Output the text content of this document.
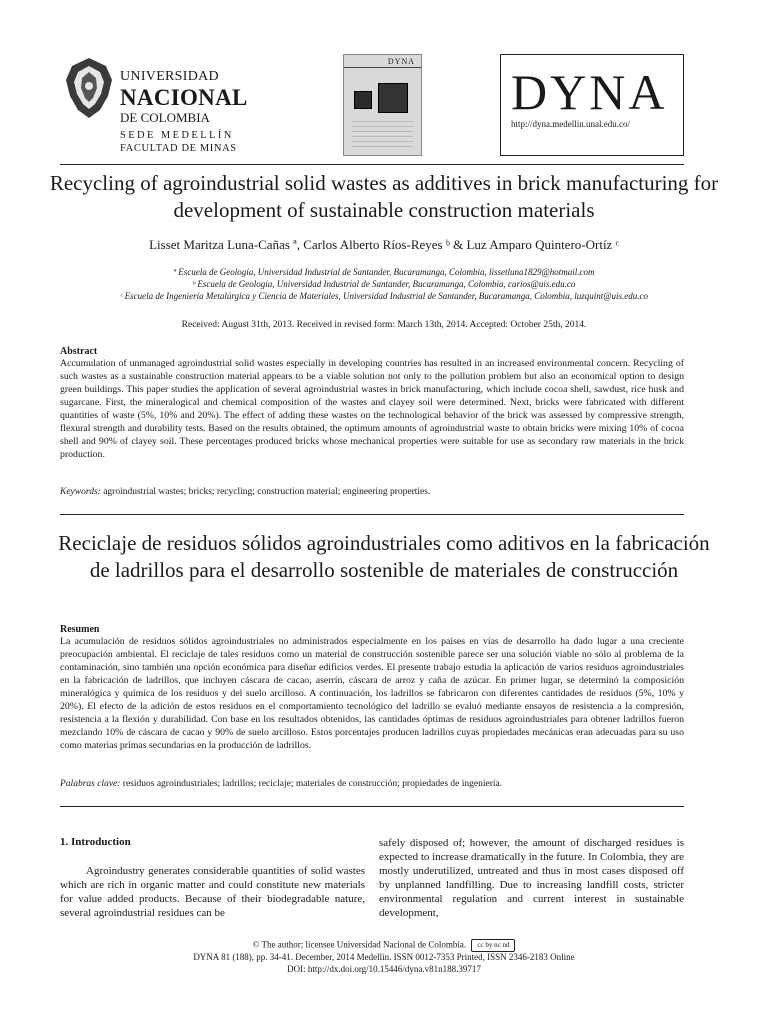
UNIVERSIDAD
NACIONAL
DE COLOMBIA
SEDE MEDELLÍN
FACULTAD DE MINAS
DYNA
DYNA
http://dyna.medellin.unal.edu.co/
Recycling of agroindustrial solid wastes as additives in brick manufacturing for development of sustainable construction materials
Lisset Maritza Luna-Cañas ª, Carlos Alberto Ríos-Reyes ᵇ & Luz Amparo Quintero-Ortíz ᶜ
ª Escuela de Geología, Universidad Industrial de Santander, Bucaramanga, Colombia, lissetluna1829@hotmail.com
ᵇ Escuela de Geología, Universidad Industrial de Santander, Bucaramanga, Colombia, carios@uis.edu.co
ᶜ Escuela de Ingeniería Metalúrgica y Ciencia de Materiales, Universidad Industrial de Santander, Bucaramanga, Colombia, luzquint@uis.edu.co
Received: August 31th, 2013. Received in revised form: March 13th, 2014. Accepted: October 25th, 2014.
Abstract
Accumulation of unmanaged agroindustrial solid wastes especially in developing countries has resulted in an increased environmental concern. Recycling of such wastes as a sustainable construction material appears to be a viable solution not only to the pollution problem but also an economical option to design green buildings. This paper studies the application of several agroindustrial wastes in brick manufacturing, which include cocoa shell, sawdust, rice husk and sugarcane. First, the mineralogical and chemical composition of the wastes and clayey soil were determined. Next, bricks were fabricated with different quantities of waste (5%, 10% and 20%). The effect of adding these wastes on the technological behavior of the brick was assessed by compressive strength, flexural strength and durability tests. Based on the results obtained, the optimum amounts of agroindustrial waste to obtain bricks were mixing 10% of cocoa shell and 90% of clayey soil. These percentages produced bricks whose mechanical properties were suitable for use as secondary raw materials in the brick production.
Keywords: agroindustrial wastes; bricks; recycling; construction material; engineering properties.
Reciclaje de residuos sólidos agroindustriales como aditivos en la fabricación de ladrillos para el desarrollo sostenible de materiales de construcción
Resumen
La acumulación de residuos sólidos agroindustriales no administrados especialmente en los países en vías de desarrollo ha dado lugar a una creciente preocupación ambiental. El reciclaje de tales residuos como un material de construcción sostenible parece ser una solución viable no sólo al problema de la contaminación, sino también una opción económica para diseñar edificios verdes. El presente trabajo estudia la aplicación de varios residuos agroindustriales en la fabricación de ladrillos, que incluyen cáscara de cacao, aserrín, cáscara de arroz y caña de azúcar. En primer lugar, se determinó la composición mineralógica y química de los residuos y del suelo arcilloso. A continuación, los ladrillos se fabricaron con diferentes cantidades de residuos (5%, 10% y 20%). El efecto de la adición de estos residuos en el comportamiento tecnológico del ladrillo se evaluó mediante ensayos de resistencia a la compresión, resistencia a la flexión y durabilidad. Con base en los resultados obtenidos, las cantidades óptimas de residuos agroindustriales para obtener ladrillos fueron mezclando 10% de cáscara de cacao y 90% de suelo arcilloso. Estos porcentajes producen ladrillos cuyas propiedades mecánicas eran adecuadas para su uso como materias primas secundarias en la producción de ladrillos.
Palabras clave: residuos agroindustriales; ladrillos; reciclaje; materiales de construcción; propiedades de ingeniería.
1. Introduction
Agroindustry generates considerable quantities of solid wastes which are rich in organic matter and could constitute new materials for value added products. Because of their biodegradable nature, several agroindustrial residues can be
safely disposed of; however, the amount of discharged residues is expected to increase dramatically in the future. In Colombia, they are mostly underutilized, untreated and thus in most cases disposed off by unplanned landfilling. Due to increasing landfill costs, stricter environmental regulation and current interest in sustainable development,
© The author; licensee Universidad Nacional de Colombia. cc by nc nd
DYNA 81 (188), pp. 34-41. December, 2014 Medellín. ISSN 0012-7353 Printed, ISSN 2346-2183 Online
DOI: http://dx.doi.org/10.15446/dyna.v81n188.39717
